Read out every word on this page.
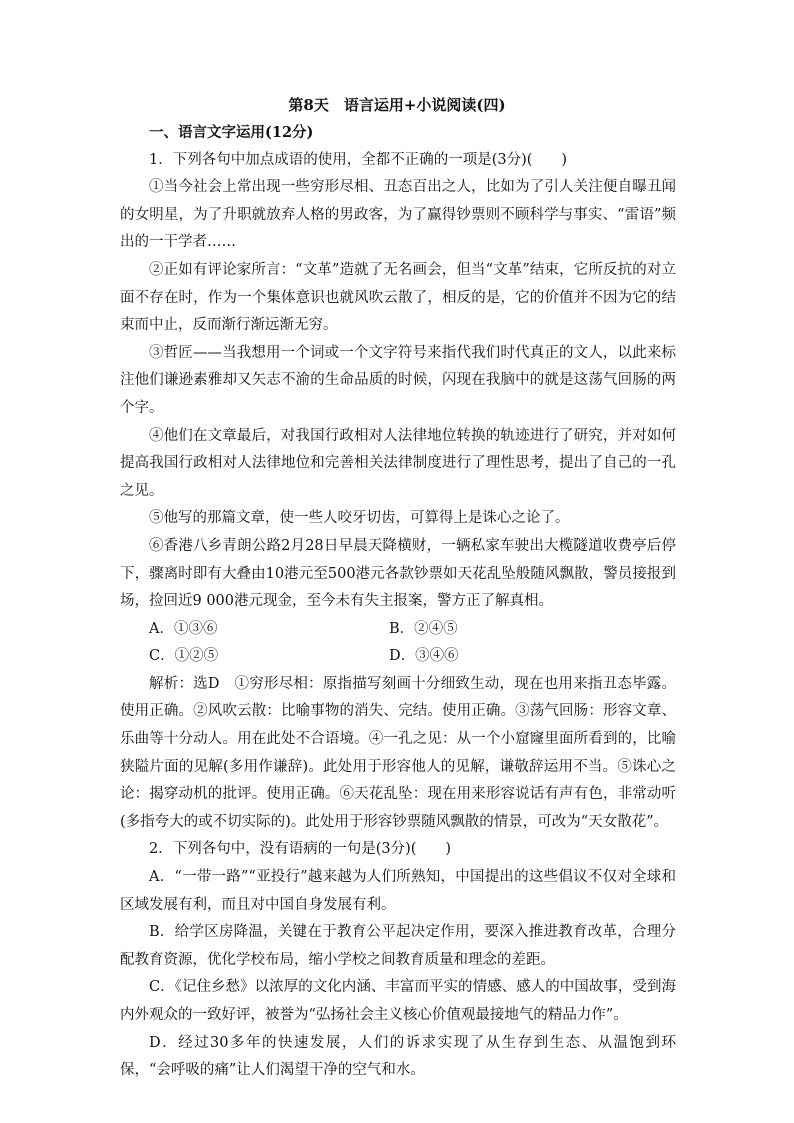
第8天　语言运用+小说阅读(四)
一、语言文字运用(12分)

1．下列各句中加点成语的使用，全都不正确的一项是(3分)(　　)

①当今社会上常出现一些穷形尽相、丑态百出之人，比如为了引人关注便自曝丑闻的女明星，为了升职就放弃人格的男政客，为了赢得钞票则不顾科学与事实、“雷语”频出的一干学者……

②正如有评论家所言：“文革”造就了无名画会，但当“文革”结束，它所反抗的对立面不存在时，作为一个集体意识也就风吹云散了，相反的是，它的价值并不因为它的结束而中止，反而渐行渐远渐无穷。

③哲匠——当我想用一个词或一个文字符号来指代我们时代真正的文人，以此来标注他们谦逊素雅却又矢志不渝的生命品质的时候，闪现在我脑中的就是这荡气回肠的两个字。

④他们在文章最后，对我国行政相对人法律地位转换的轨迹进行了研究，并对如何提高我国行政相对人法律地位和完善相关法律制度进行了理性思考，提出了自己的一孔之见。

⑤他写的那篇文章，使一些人咬牙切齿，可算得上是诛心之论了。

⑥香港八乡青朗公路2月28日早晨天降横财，一辆私家车驶出大榄隧道收费亭后停下，骤离时即有大叠由10港元至500港元各款钞票如天花乱坠般随风飘散，警员接报到场，捡回近9 000港元现金，至今未有失主报案，警方正了解真相。

A．①③⑥	B．②④⑤
C．①②⑤	D．③④⑥

解析：选D　①穷形尽相：原指描写刻画十分细致生动，现在也用来指丑态毕露。使用正确。②风吹云散：比喻事物的消失、完结。使用正确。③荡气回肠：形容文章、乐曲等十分动人。用在此处不合语境。④一孔之见：从一个小窟窿里面所看到的，比喻狭隘片面的见解(多用作谦辞)。此处用于形容他人的见解，谦敬辞运用不当。⑤诛心之论：揭穿动机的批评。使用正确。⑥天花乱坠：现在用来形容说话有声有色，非常动听(多指夸大的或不切实际的)。此处用于形容钞票随风飘散的情景，可改为“天女散花”。

2．下列各句中，没有语病的一句是(3分)(　　)

A．“一带一路”“亚投行”越来越为人们所熟知，中国提出的这些倡议不仅对全球和区域发展有利，而且对中国自身发展有利。

B．给学区房降温，关键在于教育公平起决定作用，要深入推进教育改革，合理分配教育资源，优化学校布局，缩小学校之间教育质量和理念的差距。

C．《记住乡愁》以浓厚的文化内涵、丰富而平实的情感、感人的中国故事，受到海内外观众的一致好评，被誉为“弘扬社会主义核心价值观最接地气的精品力作”。

D．经过30多年的快速发展，人们的诉求实现了从生存到生态、从温饱到环保，“会呼吸的痛”让人们渴望干净的空气和水。
